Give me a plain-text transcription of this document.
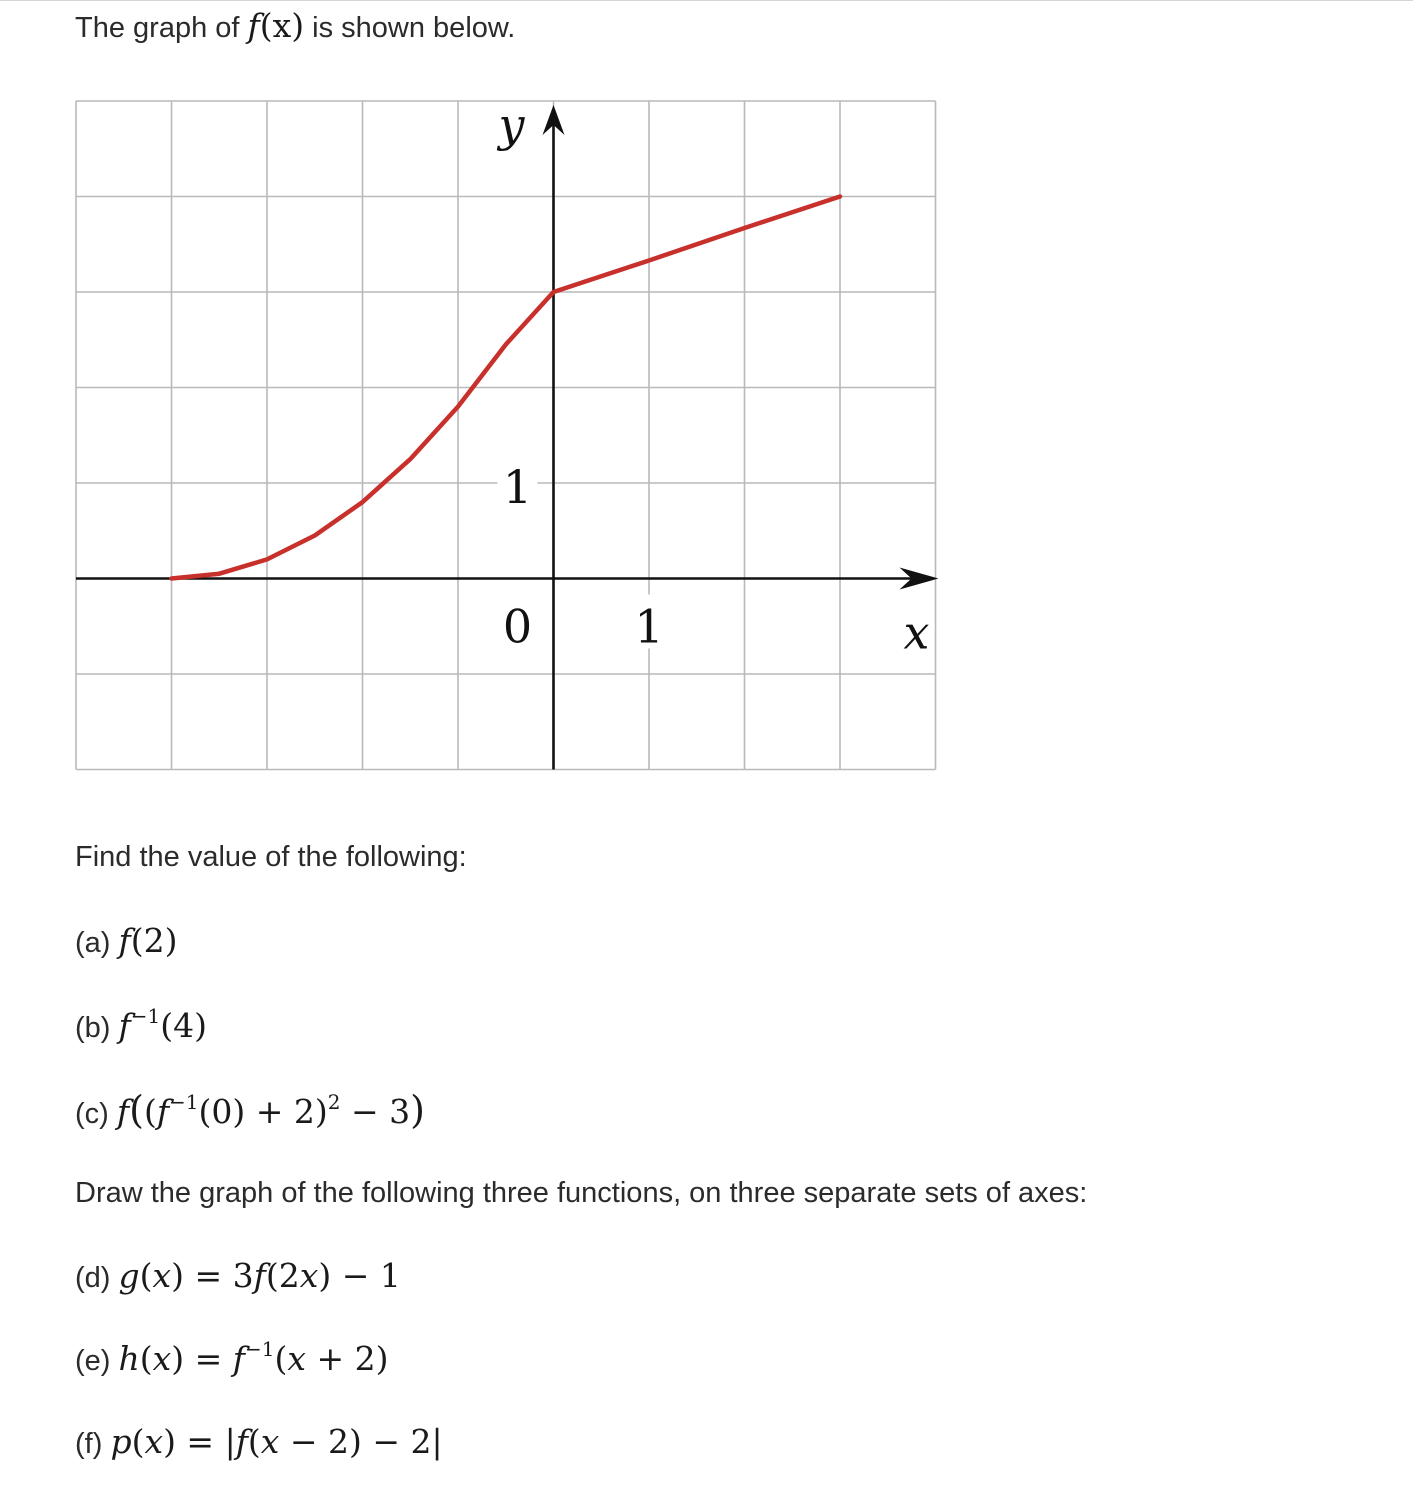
The graph of f(x) is shown below.
y
x
0 1
1
Find the value of the following:
(a) f(2)
(b) $f^{-1}(4)$
(c) $f((f^{-1}(0) + 2)^2 - 3)$
Draw the graph of the following three functions, on three separate sets of axes:
(d) g(x) = 3f(2x) − 1
(e) $h(x) = f^{-1}(x + 2)$
(f) p(x) = |f(x − 2) − 2|
